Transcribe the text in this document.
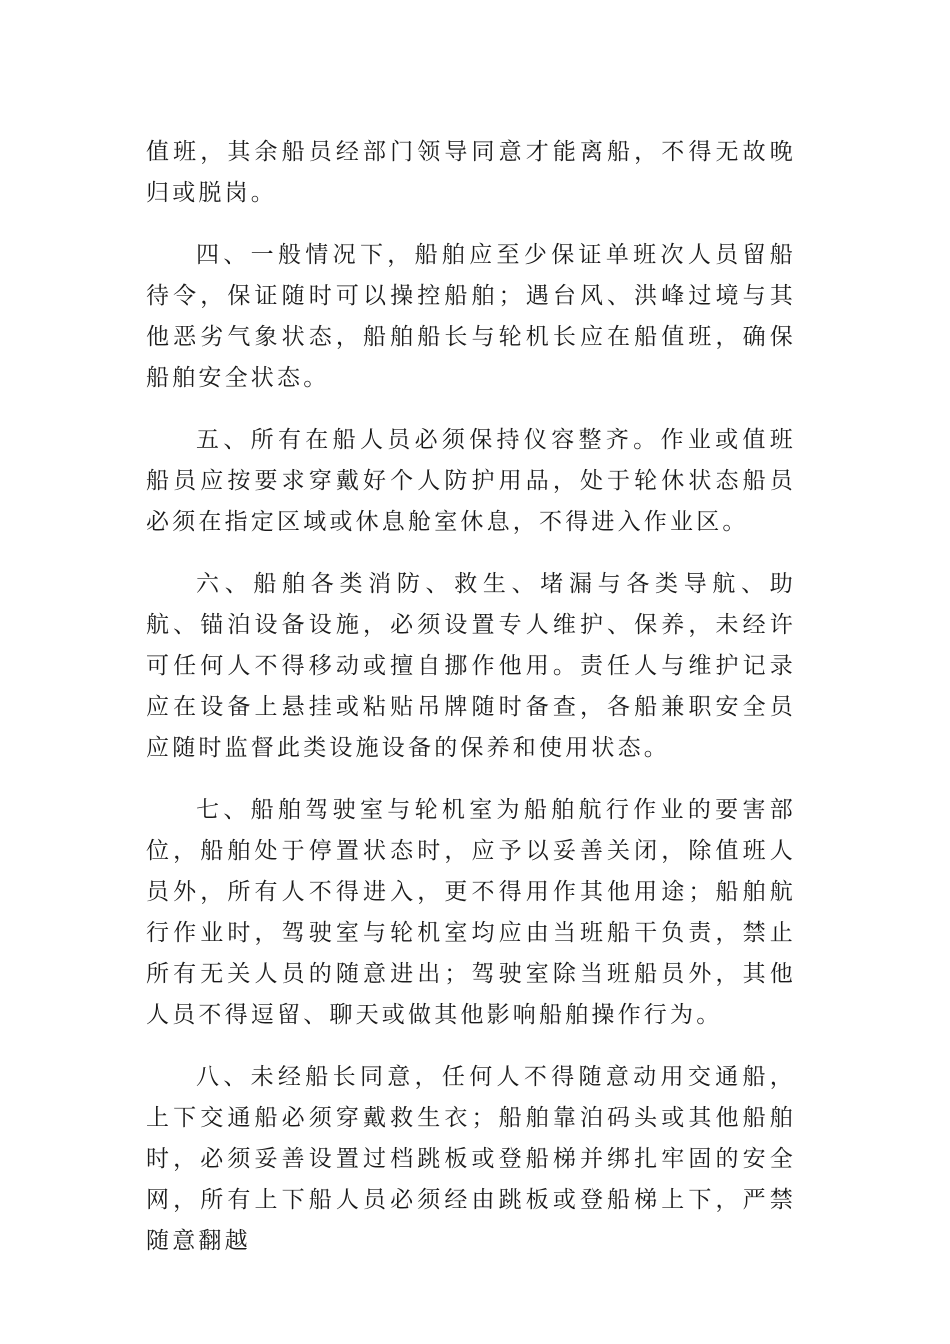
值班，其余船员经部门领导同意才能离船，不得无故晚归或脱岗。

四、一般情况下，船舶应至少保证单班次人员留船待令，保证随时可以操控船舶；遇台风、洪峰过境与其他恶劣气象状态，船舶船长与轮机长应在船值班，确保船舶安全状态。

五、所有在船人员必须保持仪容整齐。作业或值班船员应按要求穿戴好个人防护用品，处于轮休状态船员必须在指定区域或休息舱室休息，不得进入作业区。

六、船舶各类消防、救生、堵漏与各类导航、助航、锚泊设备设施，必须设置专人维护、保养，未经许可任何人不得移动或擅自挪作他用。责任人与维护记录应在设备上悬挂或粘贴吊牌随时备查，各船兼职安全员应随时监督此类设施设备的保养和使用状态。

七、船舶驾驶室与轮机室为船舶航行作业的要害部位，船舶处于停置状态时，应予以妥善关闭，除值班人员外，所有人不得进入，更不得用作其他用途；船舶航行作业时，驾驶室与轮机室均应由当班船干负责，禁止所有无关人员的随意进出；驾驶室除当班船员外，其他人员不得逗留、聊天或做其他影响船舶操作行为。

八、未经船长同意，任何人不得随意动用交通船，上下交通船必须穿戴救生衣；船舶靠泊码头或其他船舶时，必须妥善设置过档跳板或登船梯并绑扎牢固的安全网，所有上下船人员必须经由跳板或登船梯上下，严禁随意翻越
